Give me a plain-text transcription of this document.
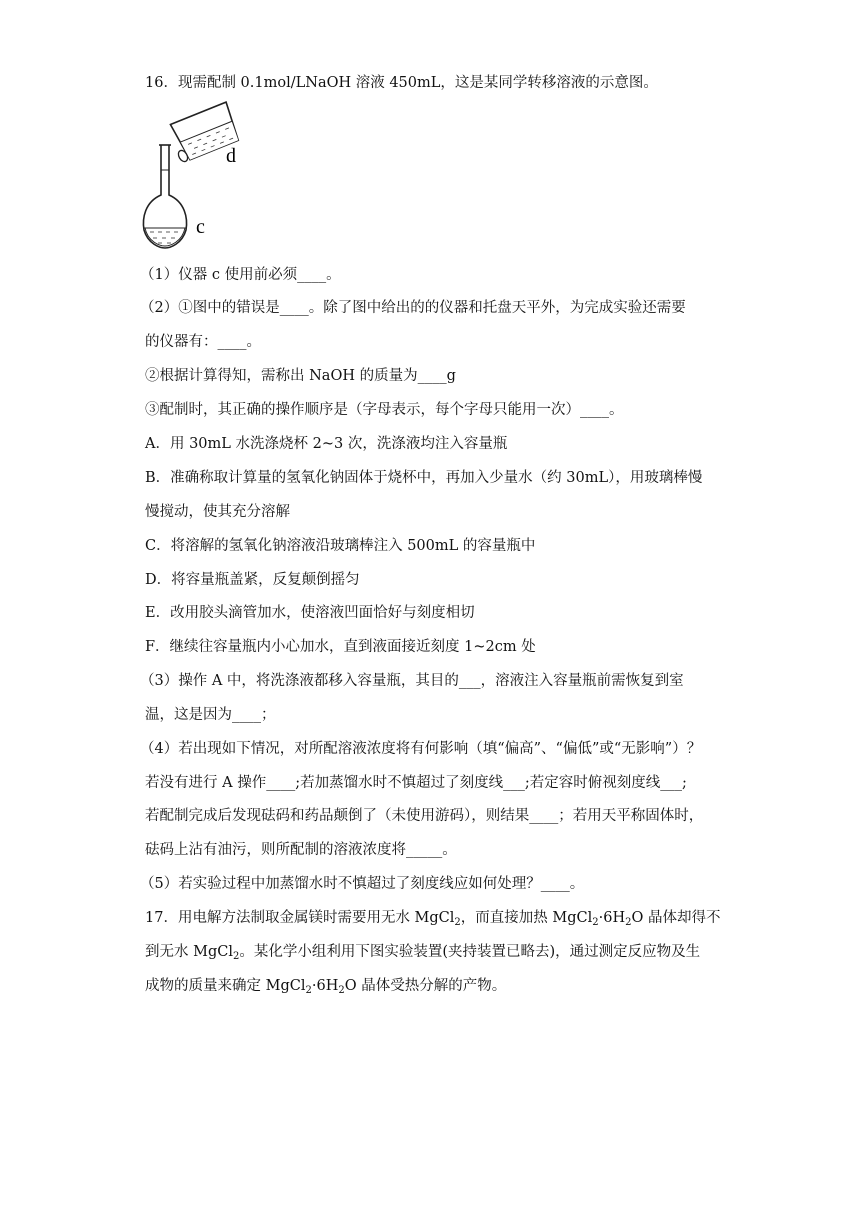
16．现需配制 0.1mol/LNaOH 溶液 450mL，这是某同学转移溶液的示意图。
d
c
（1）仪器 c 使用前必须____。
（2）①图中的错误是____。除了图中给出的的仪器和托盘天平外，为完成实验还需要
的仪器有：____。
②根据计算得知，需称出 NaOH 的质量为____g
③配制时，其正确的操作顺序是（字母表示，每个字母只能用一次）____。
A．用 30mL 水洗涤烧杯 2~3 次，洗涤液均注入容量瓶
B．准确称取计算量的氢氧化钠固体于烧杯中，再加入少量水（约 30mL），用玻璃棒慢
慢搅动，使其充分溶解
C．将溶解的氢氧化钠溶液沿玻璃棒注入 500mL 的容量瓶中
D．将容量瓶盖紧，反复颠倒摇匀
E．改用胶头滴管加水，使溶液凹面恰好与刻度相切
F．继续往容量瓶内小心加水，直到液面接近刻度 1~2cm 处
（3）操作 A 中，将洗涤液都移入容量瓶，其目的___，溶液注入容量瓶前需恢复到室
温，这是因为____；
（4）若出现如下情况，对所配溶液浓度将有何影响（填“偏高”、“偏低”或“无影响”）？
若没有进行 A 操作____;若加蒸馏水时不慎超过了刻度线___;若定容时俯视刻度线___;
若配制完成后发现砝码和药品颠倒了（未使用游码），则结果____；若用天平称固体时，
砝码上沾有油污，则所配制的溶液浓度将_____。
（5）若实验过程中加蒸馏水时不慎超过了刻度线应如何处理？____。
17．用电解方法制取金属镁时需要用无水 MgCl$_2$，而直接加热 $MgCl_2\cdot 6H_2O$ 晶体却得不
到无水 MgCl$_2$。某化学小组利用下图实验装置(夹持装置已略去)，通过测定反应物及生
成物的质量来确定 $MgCl_2\cdot 6H_2O$ 晶体受热分解的产物。
